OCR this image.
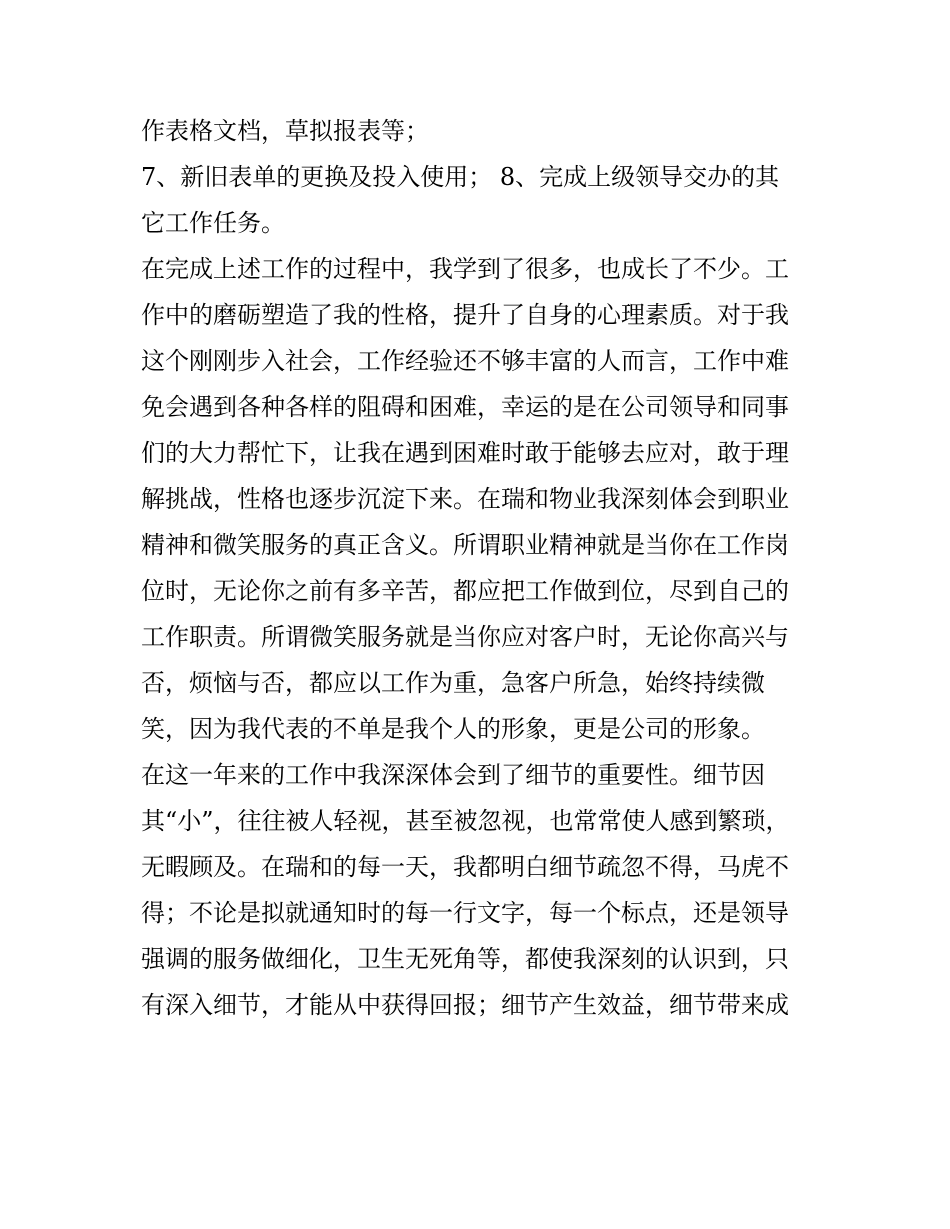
作表格文档，草拟报表等；
7、新旧表单的更换及投入使用； 8、完成上级领导交办的其
它工作任务。
在完成上述工作的过程中，我学到了很多，也成长了不少。工
作中的磨砺塑造了我的性格，提升了自身的心理素质。对于我
这个刚刚步入社会，工作经验还不够丰富的人而言，工作中难
免会遇到各种各样的阻碍和困难，幸运的是在公司领导和同事
们的大力帮忙下，让我在遇到困难时敢于能够去应对，敢于理
解挑战，性格也逐步沉淀下来。在瑞和物业我深刻体会到职业
精神和微笑服务的真正含义。所谓职业精神就是当你在工作岗
位时，无论你之前有多辛苦，都应把工作做到位，尽到自己的
工作职责。所谓微笑服务就是当你应对客户时，无论你高兴与
否，烦恼与否，都应以工作为重，急客户所急，始终持续微
笑，因为我代表的不单是我个人的形象，更是公司的形象。
在这一年来的工作中我深深体会到了细节的重要性。细节因
其“小”，往往被人轻视，甚至被忽视，也常常使人感到繁琐，
无暇顾及。在瑞和的每一天，我都明白细节疏忽不得，马虎不
得；不论是拟就通知时的每一行文字，每一个标点，还是领导
强调的服务做细化，卫生无死角等，都使我深刻的认识到，只
有深入细节，才能从中获得回报；细节产生效益，细节带来成
